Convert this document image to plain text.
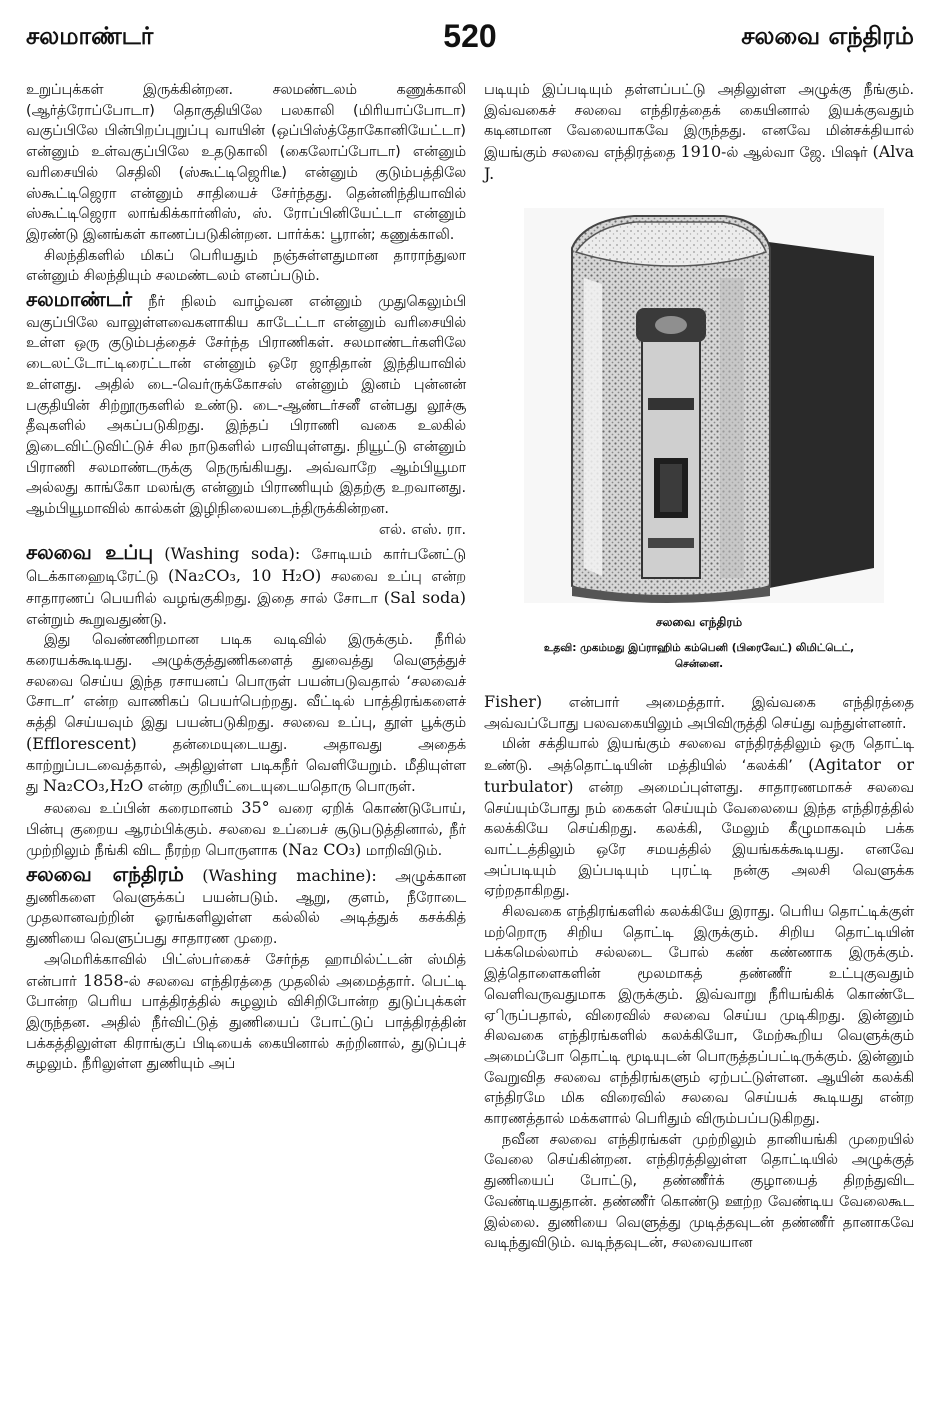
சலமாண்டர்	520	சலவை எந்திரம்

உறுப்புக்கள் இருக்கின்றன. சலமண்டலம் கணுக்காலி (ஆர்த்ரோப்போடா) தொகுதியிலே பலகாலி (மிரியாப்போடா) வகுப்பிலே பின்பிறப்புறுப்பு வாயின் (ஒப்பிஸ்த்தோகோனியேட்டா) என்னும் உள்வகுப்பிலே உதடுகாலி (கைலோப்போடா) என்னும் வரிசையில் செதிலி (ஸ்கூட்டிஜெரிடீ) என்னும் குடும்பத்திலே ஸ்கூட்டிஜெரா என்னும் சாதியைச் சேர்ந்தது. தென்னிந்தியாவில் ஸ்கூட்டிஜெரா லாங்கிக்கார்னிஸ், ஸ். ரோப்பினியேட்டா என்னும் இரண்டு இனங்கள் காணப்படுகின்றன. பார்க்க: பூரான்; கணுக்காலி.

சிலந்திகளில் மிகப் பெரியதும் நஞ்சுள்ளதுமான தாராந்துலா என்னும் சிலந்தியும் சலமண்டலம் எனப்படும்.

சலமாண்டர் நீர் நிலம் வாழ்வன என்னும் முதுகெலும்பி வகுப்பிலே வாலுள்ளவைகளாகிய காடேட்டா என்னும் வரிசையில் உள்ள ஒரு குடும்பத்தைச் சேர்ந்த பிராணிகள். சலமாண்டர்களிலே டைலட்டோட்டிரைட்டான் என்னும் ஒரே ஜாதிதான் இந்தியாவில் உள்ளது. அதில் டை-வெர்ருக்கோசஸ் என்னும் இனம் புன்னன் பகுதியின் சிற்றூருகளில் உண்டு. டை-ஆண்டர்சனீ என்பது லூச்சூ தீவுகளில் அகப்படுகிறது. இந்தப் பிராணி வகை உலகில் இடைவிட்டுவிட்டுச் சில நாடுகளில் பரவியுள்ளது. நியூட்டு என்னும் பிராணி சலமாண்டருக்கு நெருங்கியது. அவ்வாறே ஆம்பியூமா அல்லது காங்கோ மலங்கு என்னும் பிராணியும் இதற்கு உறவானது. ஆம்பியூமாவில் கால்கள் இழிநிலையடைந்திருக்கின்றன.

எல். எஸ். ரா.

சலவை உப்பு (Washing soda): சோடியம் கார்பனேட்டு டெக்காஹைடிரேட்டு (Na₂CO₃, 10 H₂O) சலவை உப்பு என்ற சாதாரணப் பெயரில் வழங்குகிறது. இதை சால் சோடா (Sal soda) என்றும் கூறுவதுண்டு.

இது வெண்ணிறமான படிக வடிவில் இருக்கும். நீரில் கரையக்கூடியது. அழுக்குத்துணிகளைத் துவைத்து வெளுத்துச் சலவை செய்ய இந்த ரசாயனப் பொருள் பயன்படுவதால் ‘சலவைச் சோடா’ என்ற வாணிகப் பெயர்பெற்றது. வீட்டில் பாத்திரங்களைச் சுத்தி செய்யவும் இது பயன்படுகிறது. சலவை உப்பு, தூள் பூக்கும் (Efflorescent) தன்மையுடையது. அதாவது அதைக் காற்றுப்படவைத்தால், அதிலுள்ள படிகநீர் வெளியேறும். மீதியுள்ள து Na₂CO₃,H₂O என்ற குறியீட்டையுடையதொரு பொருள்.

சலவை உப்பின் கரைமானம் 35° வரை ஏறிக் கொண்டுபோய், பின்பு குறைய ஆரம்பிக்கும். சலவை உப்பைச் சூடுபடுத்தினால், நீர் முற்றிலும் நீங்கி விட நீரற்ற பொருளாக (Na₂ CO₃) மாறிவிடும்.

சலவை எந்திரம் (Washing machine): அழுக்கான துணிகளை வெளுக்கப் பயன்படும். ஆறு, குளம், நீரோடை முதலானவற்றின் ஓரங்களிலுள்ள கல்லில் அடித்துக் கசக்கித் துணியை வெளுப்பது சாதாரண முறை.

அமெரிக்காவில் பிட்ஸ்பர்கைச் சேர்ந்த ஹாமில்ட்டன் ஸ்மித் என்பார் 1858-ல் சலவை எந்திரத்தை முதலில் அமைத்தார். பெட்டி போன்ற பெரிய பாத்திரத்தில் சுழலும் விசிறிபோன்ற துடுப்புக்கள் இருந்தன. அதில் நீர்விட்டுத் துணியைப் போட்டுப் பாத்திரத்தின் பக்கத்திலுள்ள கிராங்குப் பிடியைக் கையினால் சுற்றினால், துடுப்புச் சுழலும். நீரிலுள்ள துணியும் அப்

படியும் இப்படியும் தள்ளப்பட்டு அதிலுள்ள அழுக்கு நீங்கும். இவ்வகைச் சலவை எந்திரத்தைக் கையினால் இயக்குவதும் கடினமான வேலையாகவே இருந்தது. எனவே மின்சக்தியால் இயங்கும் சலவை எந்திரத்தை 1910-ல் ஆல்வா ஜே. பிஷர் (Alva J.

சலவை எந்திரம்
உதவி: முகம்மது இப்ராஹிம் கம்பெனி (பிரைவேட்) லிமிட்டெட்,
சென்னை.

Fisher) என்பார் அமைத்தார். இவ்வகை எந்திரத்தை அவ்வப்போது பலவகையிலும் அபிவிருத்தி செய்து வந்துள்ளனர்.

மின் சக்தியால் இயங்கும் சலவை எந்திரத்திலும் ஒரு தொட்டி உண்டு. அத்தொட்டியின் மத்தியில் ‘கலக்கி’ (Agitator or turbulator) என்ற அமைப்புள்ளது. சாதாரணமாகச் சலவை செய்யும்போது நம் கைகள் செய்யும் வேலையை இந்த எந்திரத்தில் கலக்கியே செய்கிறது. கலக்கி, மேலும் கீழுமாகவும் பக்க வாட்டத்திலும் ஒரே சமயத்தில் இயங்கக்கூடியது. எனவே அப்படியும் இப்படியும் புரட்டி நன்கு அலசி வெளுக்க ஏற்றதாகிறது.

சிலவகை எந்திரங்களில் கலக்கியே இராது. பெரிய தொட்டிக்குள் மற்றொரு சிறிய தொட்டி இருக்கும். சிறிய தொட்டியின் பக்கமெல்லாம் சல்லடை போல் கண் கண்ணாக இருக்கும். இத்தொளைகளின் மூலமாகத் தண்ணீர் உட்புகுவதும் வெளிவருவதுமாக இருக்கும். இவ்வாறு நீரியங்கிக் கொண்டே ஏிருப்பதால், விரைவில் சலவை செய்ய முடிகிறது. இன்னும் சிலவகை எந்திரங்களில் கலக்கியோ, மேற்கூறிய வெளுக்கும் அமைப்போ தொட்டி மூடியுடன் பொருத்தப்பட்டிருக்கும். இன்னும் வேறுவித சலவை எந்திரங்களும் ஏற்பட்டுள்ளன. ஆயின் கலக்கி எந்திரமே மிக விரைவில் சலவை செய்யக் கூடியது என்ற காரணத்தால் மக்களால் பெரிதும் விரும்பப்படுகிறது.

நவீன சலவை எந்திரங்கள் முற்றிலும் தானியங்கி முறையில் வேலை செய்கின்றன. எந்திரத்திலுள்ள தொட்டியில் அழுக்குத் துணியைப் போட்டு, தண்ணீர்க் குழாயைத் திறந்துவிட வேண்டியதுதான். தண்ணீர் கொண்டு ஊற்ற வேண்டிய வேலைகூட இல்லை. துணியை வெளுத்து முடித்தவுடன் தண்ணீர் தானாகவே வடிந்துவிடும். வடிந்தவுடன், சலவையான
